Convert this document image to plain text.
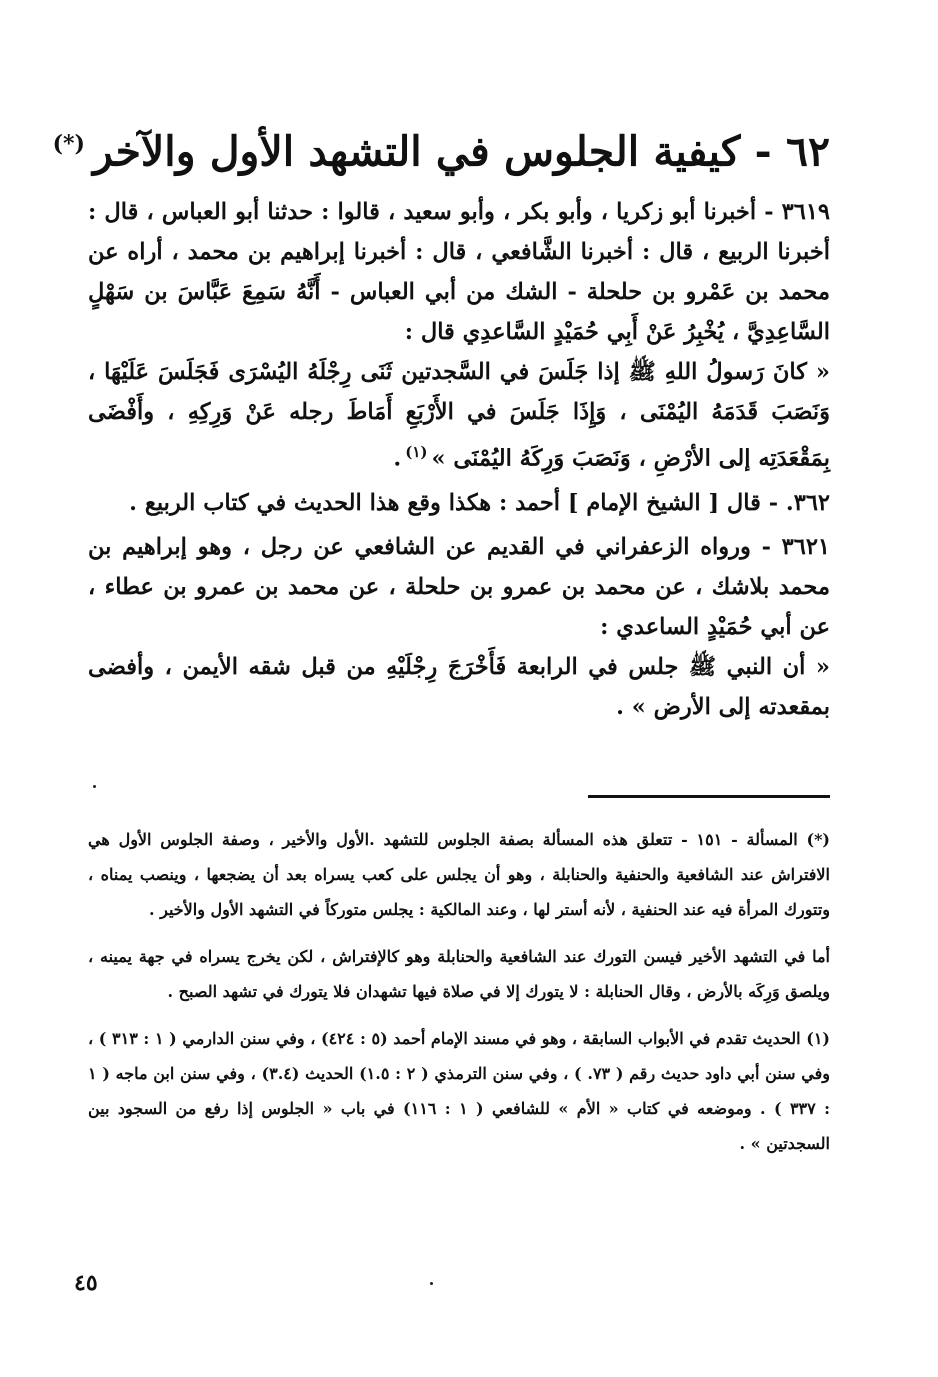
٦٢ - كيفية الجلوس في التشهد الأول والآخر(*)

٣٦١٩ - أخبرنا أبو زكريا ، وأبو بكر ، وأبو سعيد ، قالوا : حدثنا أبو العباس ، قال : أخبرنا الربيع ، قال : أخبرنا الشَّافعي ، قال : أخبرنا إبراهيم بن محمد ، أراه عن محمد بن عَمْرو بن حلحلة - الشك من أبي العباس - أَنَّهُ سَمِعَ عَبَّاسَ بن سَهْلٍ السَّاعِدِيَّ ، يُخْبِرُ عَنْ أَبِي حُمَيْدٍ السَّاعدِي قال :

« كانَ رَسولُ اللهِ ﷺ إذا جَلَسَ في السَّجدتين ثَنَى رِجْلَهُ اليُسْرَى فَجَلَسَ عَلَيْهَا ، وَنَصَبَ قَدَمَهُ اليُمْنَى ، وَإِذَا جَلَسَ في الأَرْبَعِ أَمَاطَ رجله عَنْ وَرِكِهِ ، وأَفْضَى بِمَقْعَدَتِه إلى الأرْضِ ، وَنَصَبَ وَرِكَهُ اليُمْنَى »$^{(١)}$.

٣٦٢. - قال [ الشيخ الإمام ] أحمد : هكذا وقع هذا الحديث في كتاب الربيع .

٣٦٢١ - ورواه الزعفراني في القديم عن الشافعي عن رجل ، وهو إبراهيم بن محمد بلاشك ، عن محمد بن عمرو بن حلحلة ، عن محمد بن عمرو بن عطاء ، عن أبي حُمَيْدٍ الساعدي :

« أن النبي ﷺ جلس في الرابعة فَأَخْرَجَ رِجْلَيْهِ من قبل شقه الأيمن ، وأفضى بمقعدته إلى الأرض » .

(*) المسألة - ١٥١ - تتعلق هذه المسألة بصفة الجلوس للتشهد .الأول والأخير ، وصفة الجلوس الأول هي الافتراش عند الشافعية والحنفية والحنابلة ، وهو أن يجلس على كعب يسراه بعد أن يضجعها ، وينصب يمناه ، وتتورك المرأة فيه عند الحنفية ، لأنه أستر لها ، وعند المالكية : يجلس متوركاً في التشهد الأول والأخير .

أما في التشهد الأخير فيسن التورك عند الشافعية والحنابلة وهو كالإفتراش ، لكن يخرج يسراه في جهة يمينه ، ويلصق وَرِكَه بالأرض ، وقال الحنابلة : لا يتورك إلا في صلاة فيها تشهدان فلا يتورك في تشهد الصبح .

(١) الحديث تقدم في الأبواب السابقة ، وهو في مسند الإمام أحمد (٥ : ٤٢٤) ، وفي سنن الدارمي ( ١ : ٣١٣ ) ، وفي سنن أبي داود حديث رقم ( ٧٣. ) ، وفي سنن الترمذي ( ٢ : ١.٥) الحديث (٣.٤) ، وفي سنن ابن ماجه ( ١ : ٣٣٧ ) . وموضعه في كتاب « الأم » للشافعي ( ١ : ١١٦) في باب « الجلوس إذا رفع من السجود بين السجدتين » .

٤٥
